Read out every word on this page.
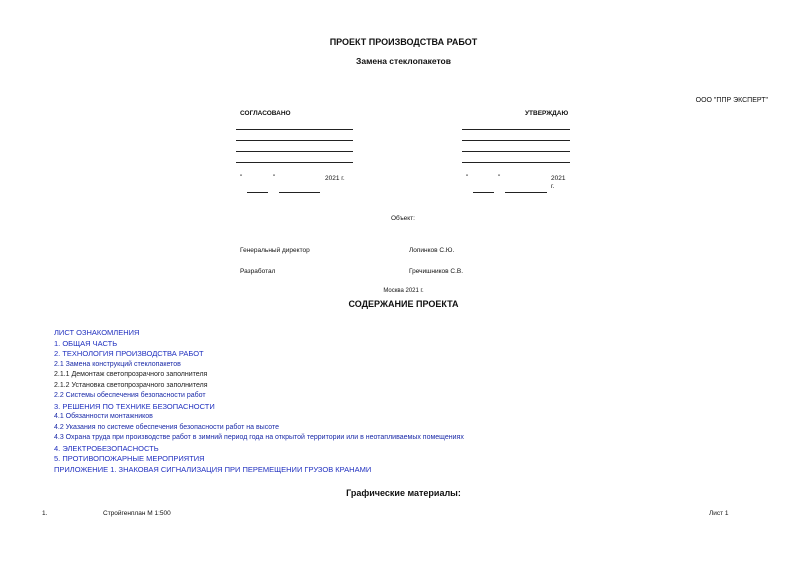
ПРОЕКТ ПРОИЗВОДСТВА РАБОТ
Замена стеклопакетов
ООО "ППР ЭКСПЕРТ"
СОГЛАСОВАНО	УТВЕРЖДАЮ
"	"	2021 г.	"	"	2021
г.
Объект:
Генеральный директор	Лопинков С.Ю.
Разработал	Гречишников С.В.
Москва 2021 г.
СОДЕРЖАНИЕ ПРОЕКТА
ЛИСТ ОЗНАКОМЛЕНИЯ
1. ОБЩАЯ ЧАСТЬ
2. ТЕХНОЛОГИЯ ПРОИЗВОДСТВА РАБОТ
2.1 Замена конструкций стеклопакетов
2.1.1 Демонтаж светопрозрачного заполнителя
2.1.2 Установка светопрозрачного заполнителя
2.2 Системы обеспечения безопасности работ
3. РЕШЕНИЯ ПО ТЕХНИКЕ БЕЗОПАСНОСТИ
4.1 Обязанности монтажников
4.2 Указания по системе обеспечения безопасности работ на высоте
4.3 Охрана труда при производстве работ в зимний период года на открытой территории или в неотапливаемых помещениях
4. ЭЛЕКТРОБЕЗОПАСНОСТЬ
5. ПРОТИВОПОЖАРНЫЕ МЕРОПРИЯТИЯ
ПРИЛОЖЕНИЕ 1. ЗНАКОВАЯ СИГНАЛИЗАЦИЯ ПРИ ПЕРЕМЕЩЕНИИ ГРУЗОВ КРАНАМИ
Графические материалы:
1.	Стройгенплан М 1:500	Лист 1
